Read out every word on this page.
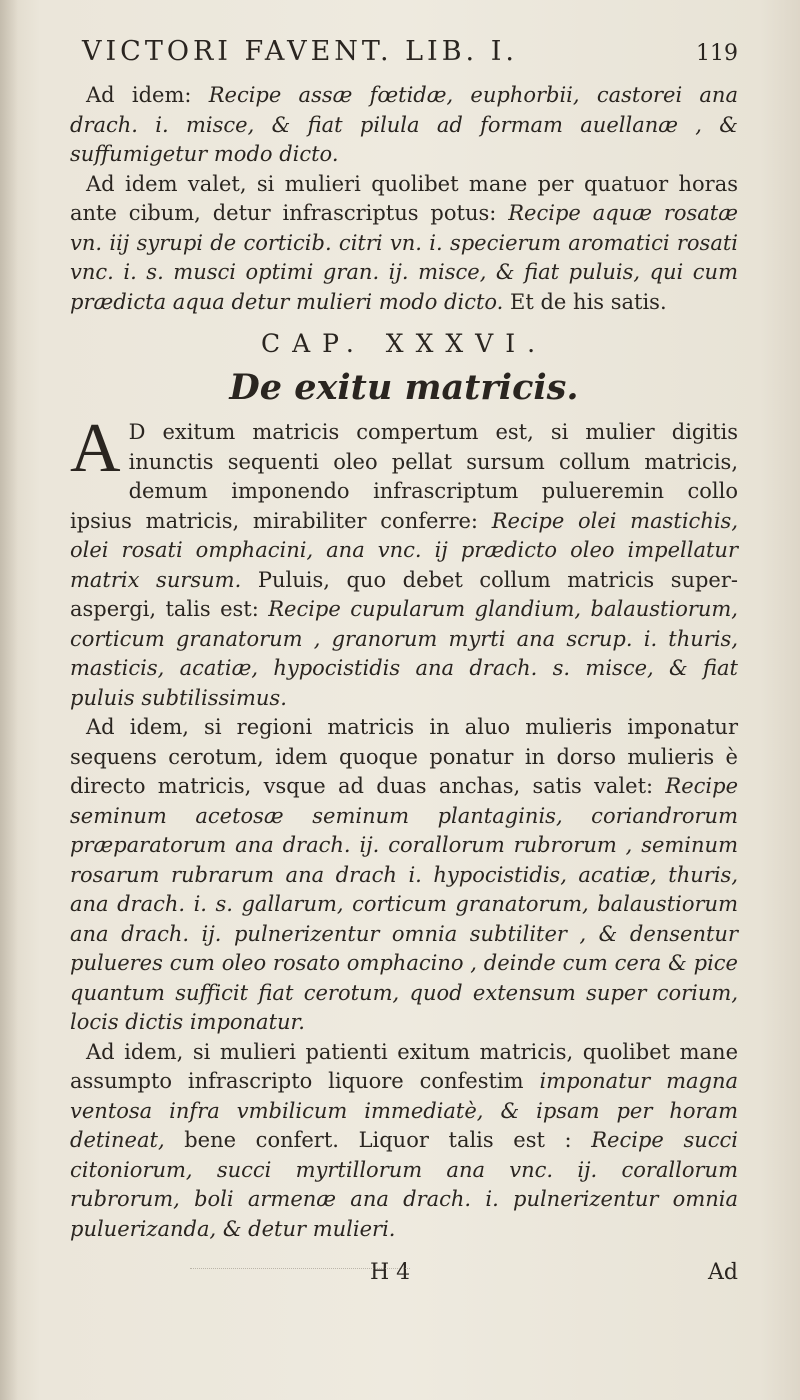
VICTORI FAVENT. LIB. I.	119

Ad idem: Recipe assæ fœtidæ, euphorbii, castorei ana drach. i. misce, & fiat pilula ad formam auellanæ , & suffumigetur modo dicto.

Ad idem valet, si mulieri quolibet mane per quatuor horas ante cibum, detur infrascriptus potus: Recipe aquæ rosatæ vn. iij syrupi de corticib. citri vn. i. specierum aromatici rosati vnc. i. s. musci optimi gran. ij. misce, & fiat puluis, qui cum prædicta aqua detur mulieri modo dicto. Et de his satis.

CAP. XXXVI.
De exitu matricis.

A D exitum matricis compertum est, si mulier digitis inunctis sequenti oleo pellat sursum collum matricis, demum imponendo infrascriptum pulueremin collo ipsius matricis, mirabiliter conferre: Recipe olei mastichis, olei rosati omphacini, ana vnc. ij prædicto oleo impellatur matrix sursum. Puluis, quo debet collum matricis super-aspergi, talis est: Recipe cupularum glandium, balaustiorum, corticum granatorum , granorum myrti ana scrup. i. thuris, masticis, acatiæ, hypocistidis ana drach. s. misce, & fiat puluis subtilissimus.

Ad idem, si regioni matricis in aluo mulieris imponatur sequens cerotum, idem quoque ponatur in dorso mulieris è directo matricis, vsque ad duas anchas, satis valet: Recipe seminum acetosæ seminum plantaginis, coriandrorum præparatorum ana drach. ij. corallorum rubrorum , seminum rosarum rubrarum ana drach i. hypocistidis, acatiæ, thuris, ana drach. i. s. gallarum, corticum granatorum, balaustiorum ana drach. ij. pulnerizentur omnia subtiliter , & densentur pulueres cum oleo rosato omphacino , deinde cum cera & pice quantum sufficit fiat cerotum, quod extensum super corium, locis dictis imponatur.

Ad idem, si mulieri patienti exitum matricis, quolibet mane assumpto infrascripto liquore confestim imponatur magna ventosa infra vmbilicum immediatè, & ipsam per horam detineat, bene confert. Liquor talis est : Recipe succi citoniorum, succi myrtillorum ana vnc. ij. corallorum rubrorum, boli armenæ ana drach. i. pulnerizentur omnia puluerizanda, & detur mulieri.

H 4	Ad
